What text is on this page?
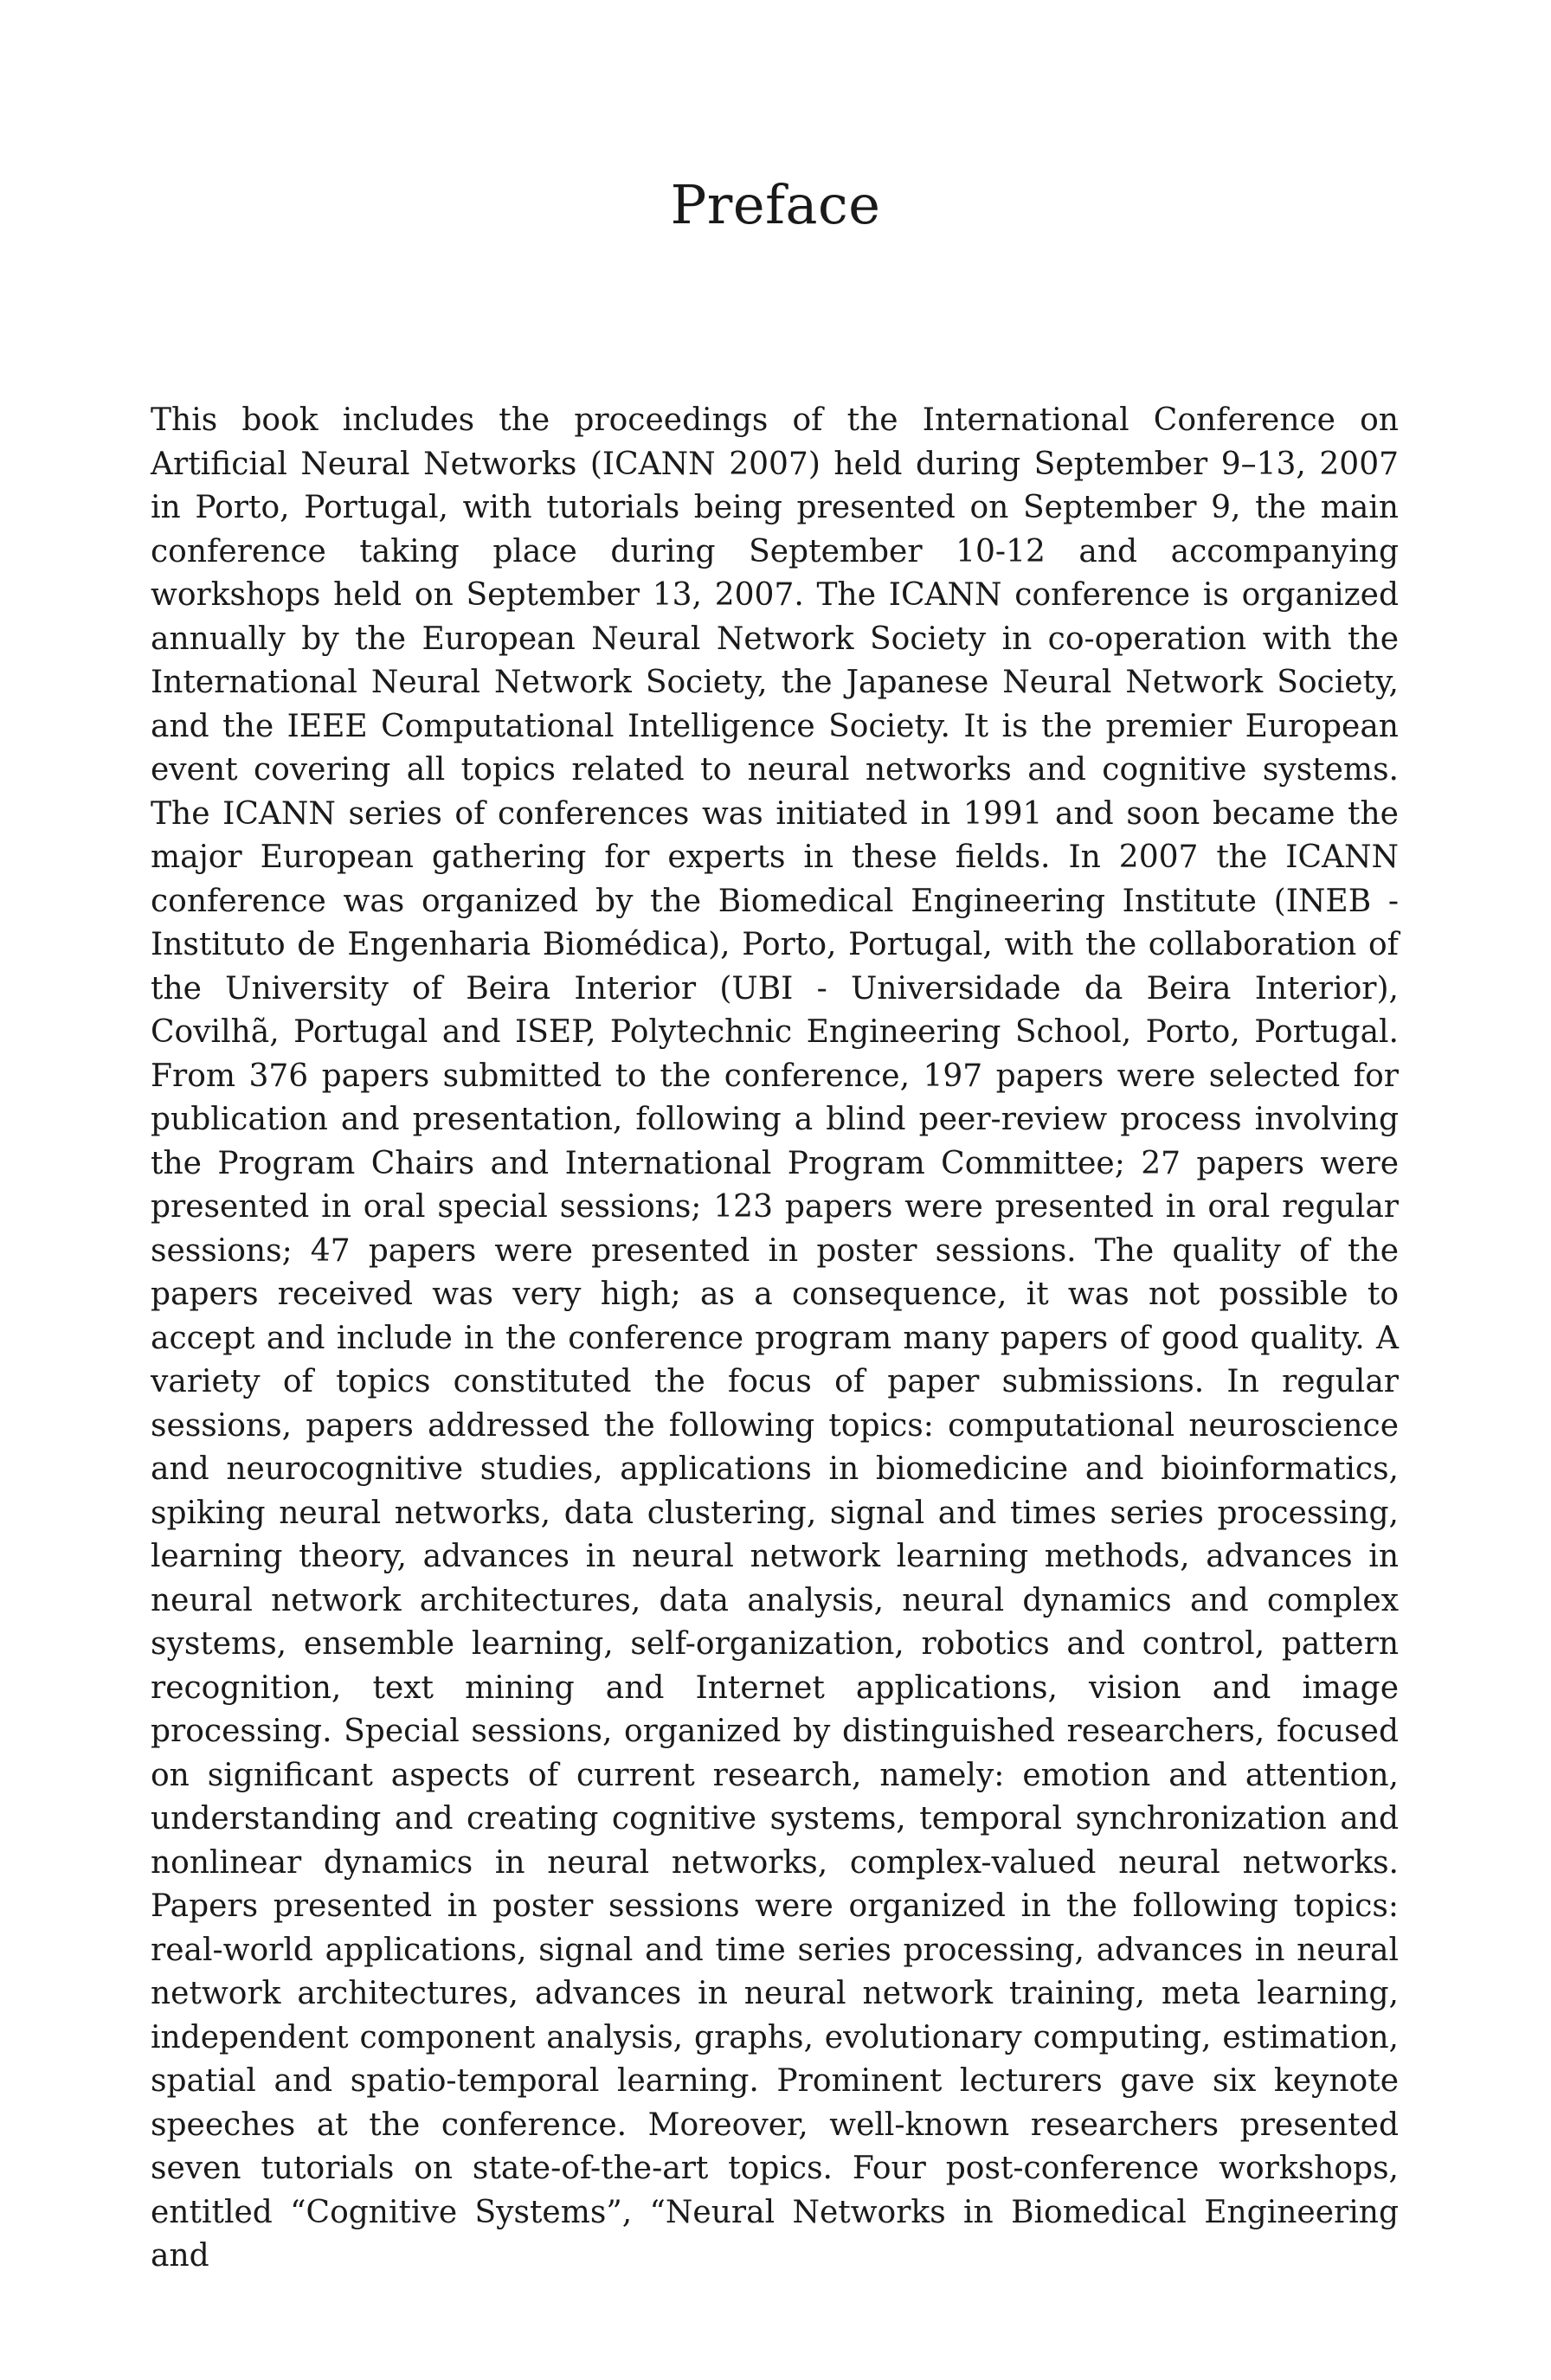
Preface

This book includes the proceedings of the International Conference on Artificial Neural Networks (ICANN 2007) held during September 9–13, 2007 in Porto, Portugal, with tutorials being presented on September 9, the main conference taking place during September 10-12 and accompanying workshops held on September 13, 2007. The ICANN conference is organized annually by the European Neural Network Society in co-operation with the International Neural Network Society, the Japanese Neural Network Society, and the IEEE Computational Intelligence Society. It is the premier European event covering all topics related to neural networks and cognitive systems. The ICANN series of conferences was initiated in 1991 and soon became the major European gathering for experts in these fields. In 2007 the ICANN conference was organized by the Biomedical Engineering Institute (INEB - Instituto de Engenharia Biomédica), Porto, Portugal, with the collaboration of the University of Beira Interior (UBI - Universidade da Beira Interior), Covilhã, Portugal and ISEP, Polytechnic Engineering School, Porto, Portugal. From 376 papers submitted to the conference, 197 papers were selected for publication and presentation, following a blind peer-review process involving the Program Chairs and International Program Committee; 27 papers were presented in oral special sessions; 123 papers were presented in oral regular sessions; 47 papers were presented in poster sessions. The quality of the papers received was very high; as a consequence, it was not possible to accept and include in the conference program many papers of good quality. A variety of topics constituted the focus of paper submissions. In regular sessions, papers addressed the following topics: computational neuroscience and neurocognitive studies, applications in biomedicine and bioinformatics, spiking neural networks, data clustering, signal and times series processing, learning theory, advances in neural network learning methods, advances in neural network architectures, data analysis, neural dynamics and complex systems, ensemble learning, self-organization, robotics and control, pattern recognition, text mining and Internet applications, vision and image processing. Special sessions, organized by distinguished researchers, focused on significant aspects of current research, namely: emotion and attention, understanding and creating cognitive systems, temporal synchronization and nonlinear dynamics in neural networks, complex-valued neural networks. Papers presented in poster sessions were organized in the following topics: real-world applications, signal and time series processing, advances in neural network architectures, advances in neural network training, meta learning, independent component analysis, graphs, evolutionary computing, estimation, spatial and spatio-temporal learning. Prominent lecturers gave six keynote speeches at the conference. Moreover, well-known researchers presented seven tutorials on state-of-the-art topics. Four post-conference workshops, entitled “Cognitive Systems”, “Neural Networks in Biomedical Engineering and
